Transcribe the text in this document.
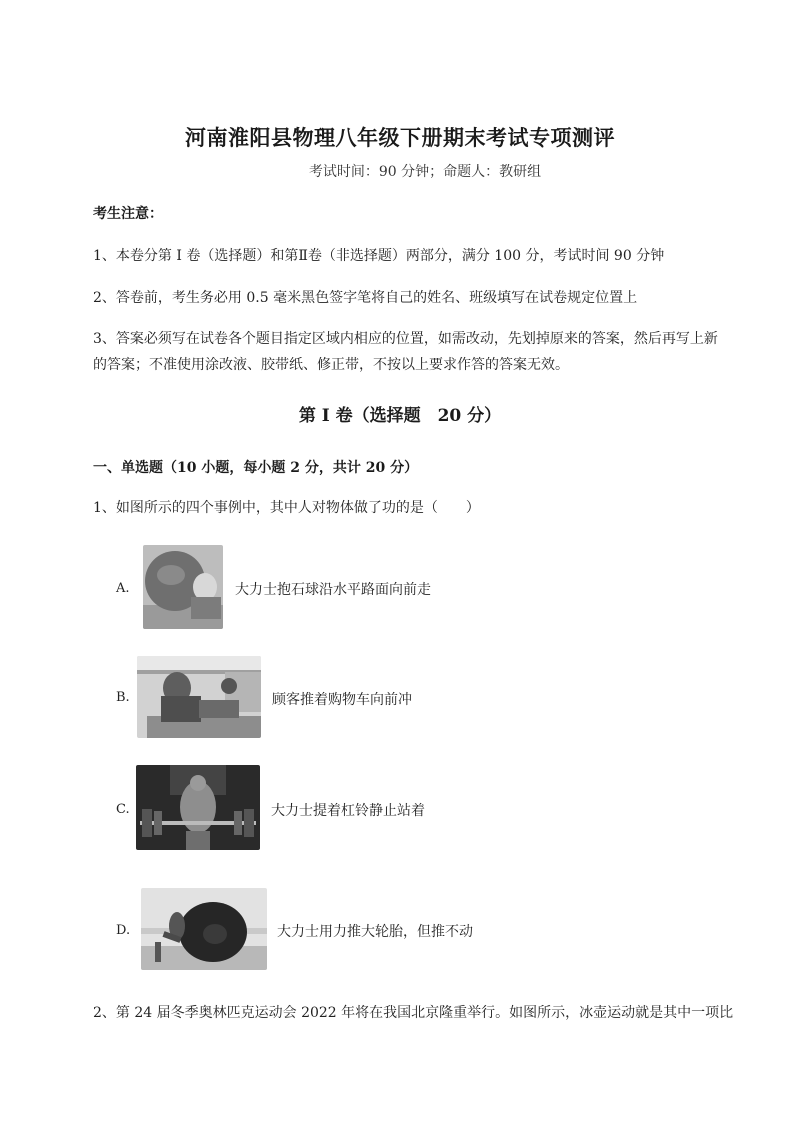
河南淮阳县物理八年级下册期末考试专项测评
考试时间：90 分钟；命题人：教研组
考生注意：
1、本卷分第 I 卷（选择题）和第Ⅱ卷（非选择题）两部分，满分 100 分，考试时间 90 分钟
2、答卷前，考生务必用 0.5 毫米黑色签字笔将自己的姓名、班级填写在试卷规定位置上
3、答案必须写在试卷各个题目指定区域内相应的位置，如需改动，先划掉原来的答案，然后再写上新的答案；不准使用涂改液、胶带纸、修正带，不按以上要求作答的答案无效。
第 I 卷（选择题　20 分）
一、单选题（10 小题，每小题 2 分，共计 20 分）
1、如图所示的四个事例中，其中人对物体做了功的是（　　）
A.	大力士抱石球沿水平路面向前走
B.	顾客推着购物车向前冲
C.	大力士提着杠铃静止站着
D.	大力士用力推大轮胎，但推不动
2、第 24 届冬季奥林匹克运动会 2022 年将在我国北京隆重举行。如图所示，冰壶运动就是其中一项比
